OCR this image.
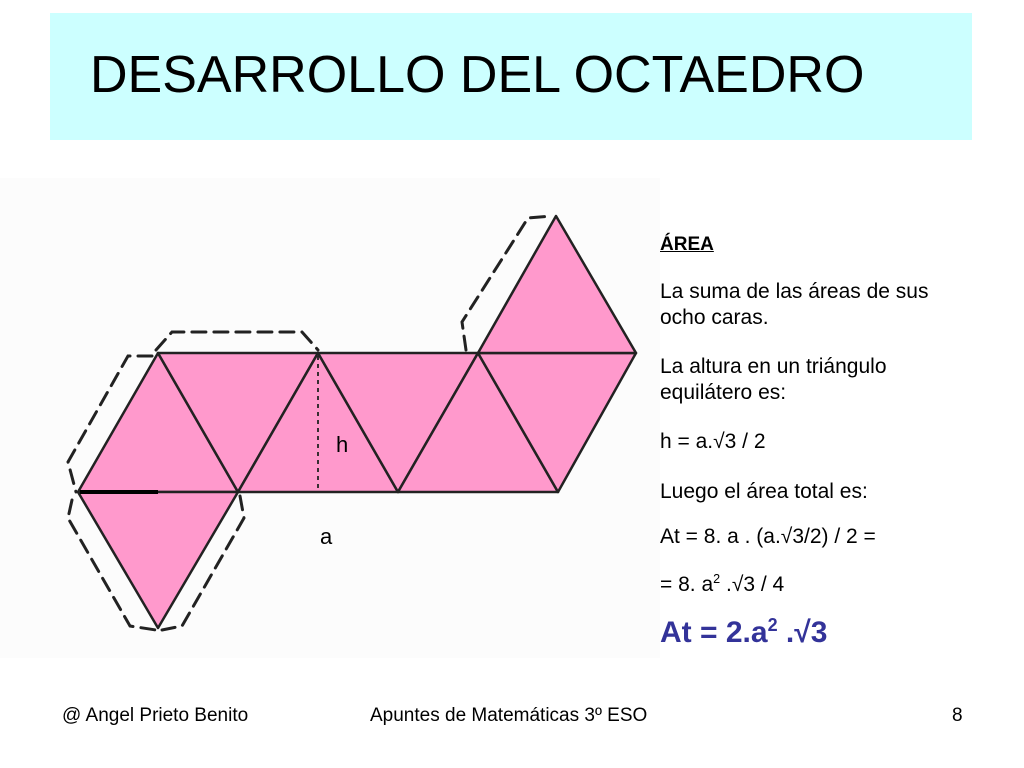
DESARROLLO DEL OCTAEDRO
h
a

ÁREA

La suma de las áreas de sus ocho caras.

La altura en un triángulo equilátero es:

h = a.√3 / 2

Luego el área total es:

At = 8. a . (a.√3/2) / 2 =

= 8. $a^2$ .√3 / 4

$At = 2.a^2$ .√3

@ Angel Prieto Benito	Apuntes de Matemáticas 3º ESO	8
